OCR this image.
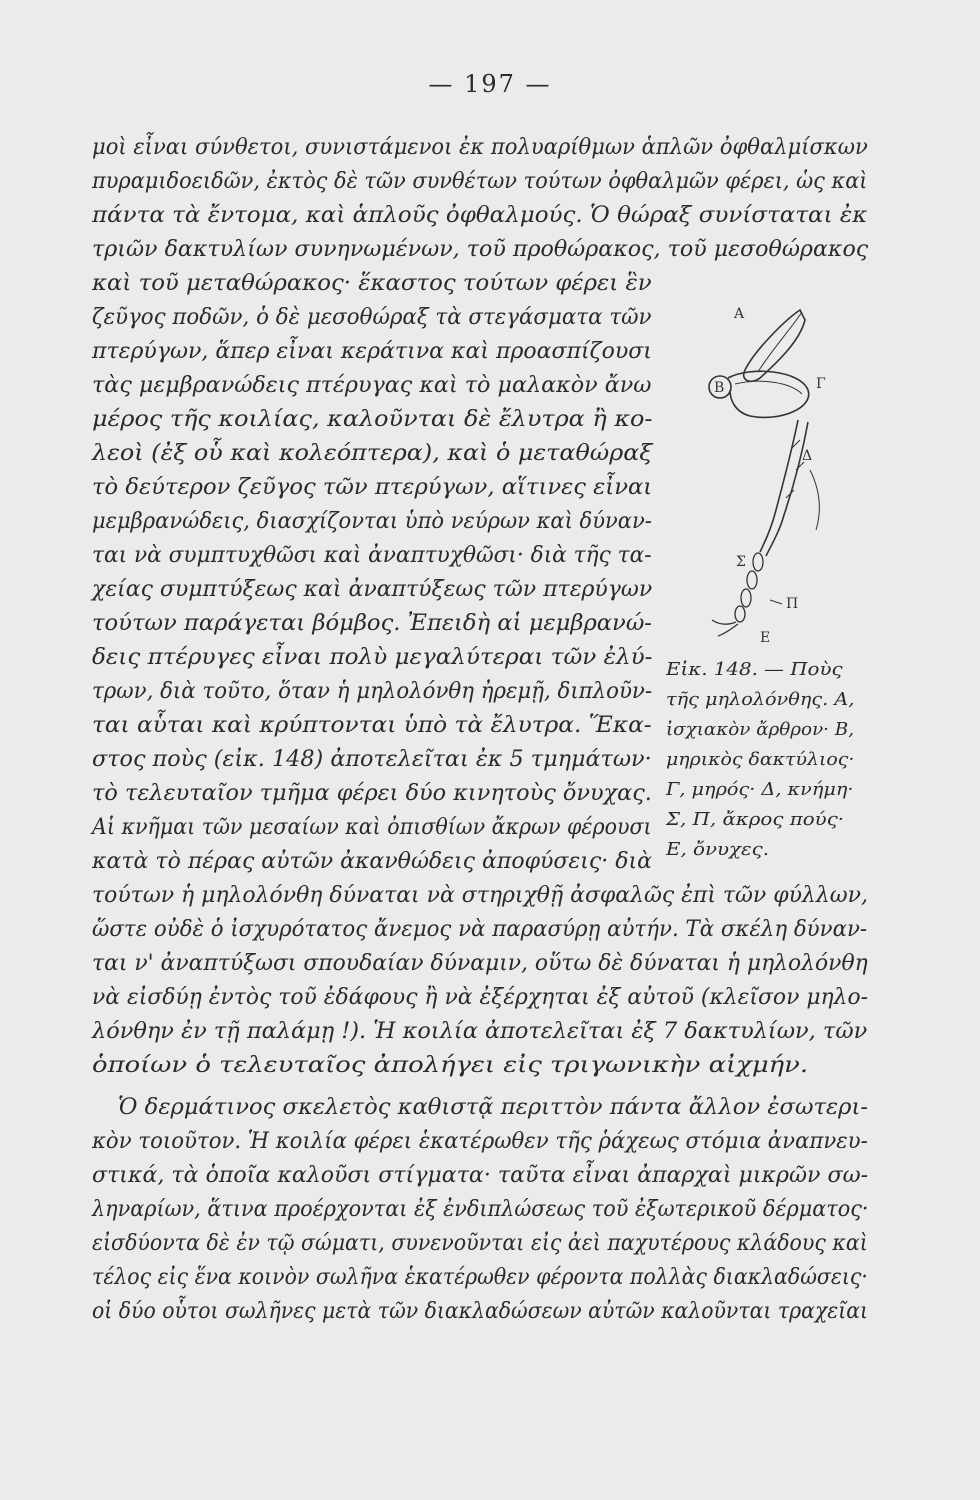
— 197 —
μοὶ εἶναι σύνθετοι, συνιστάμενοι ἐκ πολυαρίθμων ἁπλῶν ὀφθαλμίσκων
πυραμιδοειδῶν, ἐκτὸς δὲ τῶν συνθέτων τούτων ὀφθαλμῶν φέρει, ὡς καὶ
πάντα τὰ ἔντομα, καὶ ἁπλοῦς ὀφθαλμούς. Ὁ θώραξ συνίσταται ἐκ
τριῶν δακτυλίων συνηνωμένων, τοῦ προθώρακος, τοῦ μεσοθώρακος
καὶ τοῦ μεταθώρακος· ἕκαστος τούτων φέρει ἓν
ζεῦγος ποδῶν, ὁ δὲ μεσοθώραξ τὰ στεγάσματα τῶν
πτερύγων, ἅπερ εἶναι κεράτινα καὶ προασπίζουσι
τὰς μεμβρανώδεις πτέρυγας καὶ τὸ μαλακὸν ἄνω
μέρος τῆς κοιλίας, καλοῦνται δὲ ἔλυτρα ἢ κο-
λεοὶ (ἐξ οὗ καὶ κολεόπτερα), καὶ ὁ μεταθώραξ
τὸ δεύτερον ζεῦγος τῶν πτερύγων, αἵτινες εἶναι
μεμβρανώδεις, διασχίζονται ὑπὸ νεύρων καὶ δύναν-
ται νὰ συμπτυχθῶσι καὶ ἀναπτυχθῶσι· διὰ τῆς τα-
χείας συμπτύξεως καὶ ἀναπτύξεως τῶν πτερύγων
τούτων παράγεται βόμβος. Ἐπειδὴ αἱ μεμβρανώ-
δεις πτέρυγες εἶναι πολὺ μεγαλύτεραι τῶν ἐλύ-
τρων, διὰ τοῦτο, ὅταν ἡ μηλολόνθη ἠρεμῇ, διπλοῦν-
ται αὗται καὶ κρύπτονται ὑπὸ τὰ ἔλυτρα. Ἕκα-
στος ποὺς (εἰκ. 148) ἀποτελεῖται ἐκ 5 τμημάτων·
τὸ τελευταῖον τμῆμα φέρει δύο κινητοὺς ὄνυχας.
Αἱ κνῆμαι τῶν μεσαίων καὶ ὀπισθίων ἄκρων φέρουσι
κατὰ τὸ πέρας αὐτῶν ἀκανθώδεις ἀποφύσεις· διὰ
τούτων ἡ μηλολόνθη δύναται νὰ στηριχθῇ ἀσφαλῶς ἐπὶ τῶν φύλλων,
ὥστε οὐδὲ ὁ ἰσχυρότατος ἄνεμος νὰ παρασύρῃ αὐτήν. Τὰ σκέλη δύναν-
ται ν' ἀναπτύξωσι σπουδαίαν δύναμιν, οὕτω δὲ δύναται ἡ μηλολόνθη
νὰ εἰσδύῃ ἐντὸς τοῦ ἐδάφους ἢ νὰ ἐξέρχηται ἐξ αὐτοῦ (κλεῖσον μηλο-
λόνθην ἐν τῇ παλάμῃ !). Ἡ κοιλία ἀποτελεῖται ἐξ 7 δακτυλίων, τῶν
ὁποίων ὁ τελευταῖος ἀπολήγει εἰς τριγωνικὴν αἰχμήν.
Ὁ δερμάτινος σκελετὸς καθιστᾷ περιττὸν πάντα ἄλλον ἐσωτερι-
κὸν τοιοῦτον. Ἡ κοιλία φέρει ἑκατέρωθεν τῆς ῥάχεως στόμια ἀναπνευ-
στικά, τὰ ὁποῖα καλοῦσι στίγματα· ταῦτα εἶναι ἀπαρχαὶ μικρῶν σω-
ληναρίων, ἅτινα προέρχονται ἐξ ἐνδιπλώσεως τοῦ ἐξωτερικοῦ δέρματος·
εἰσδύοντα δὲ ἐν τῷ σώματι, συνενοῦνται εἰς ἀεὶ παχυτέρους κλάδους καὶ
τέλος εἰς ἕνα κοινὸν σωλῆνα ἑκατέρωθεν φέροντα πολλὰς διακλαδώσεις·
οἱ δύο οὗτοι σωλῆνες μετὰ τῶν διακλαδώσεων αὐτῶν καλοῦνται τραχεῖαι
Εἰκ. 148. — Ποὺς
τῆς μηλολόνθης. Α,
ἰσχιακὸν ἄρθρον· Β,
μηρικὸς δακτύλιος·
Γ, μηρός· Δ, κνήμη·
Σ, Π, ἄκρος πούς·
Ε, ὄνυχες.
Α
Β	Γ
Δ
Σ
Π
Ε
